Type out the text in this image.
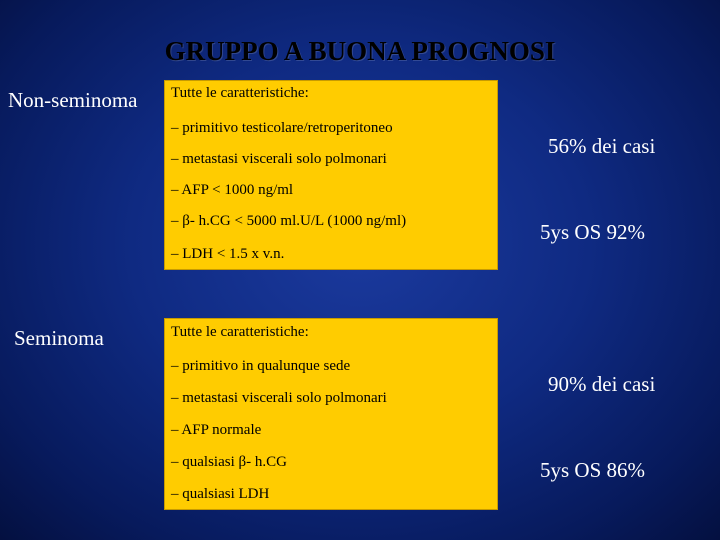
GRUPPO A BUONA PROGNOSI
Non-seminoma Tutte le caratteristiche:
– primitivo testicolare/retroperitoneo
– metastasi viscerali solo polmonari
– AFP < 1000 ng/ml
– β- h.CG < 5000 ml.U/L (1000 ng/ml)
– LDH < 1.5 x v.n.
56% dei casi
5ys OS 92%
Seminoma	Tutte le caratteristiche:
– primitivo in qualunque sede
– metastasi viscerali solo polmonari
– AFP normale
– qualsiasi β- h.CG
– qualsiasi LDH
90% dei casi
5ys OS 86%
